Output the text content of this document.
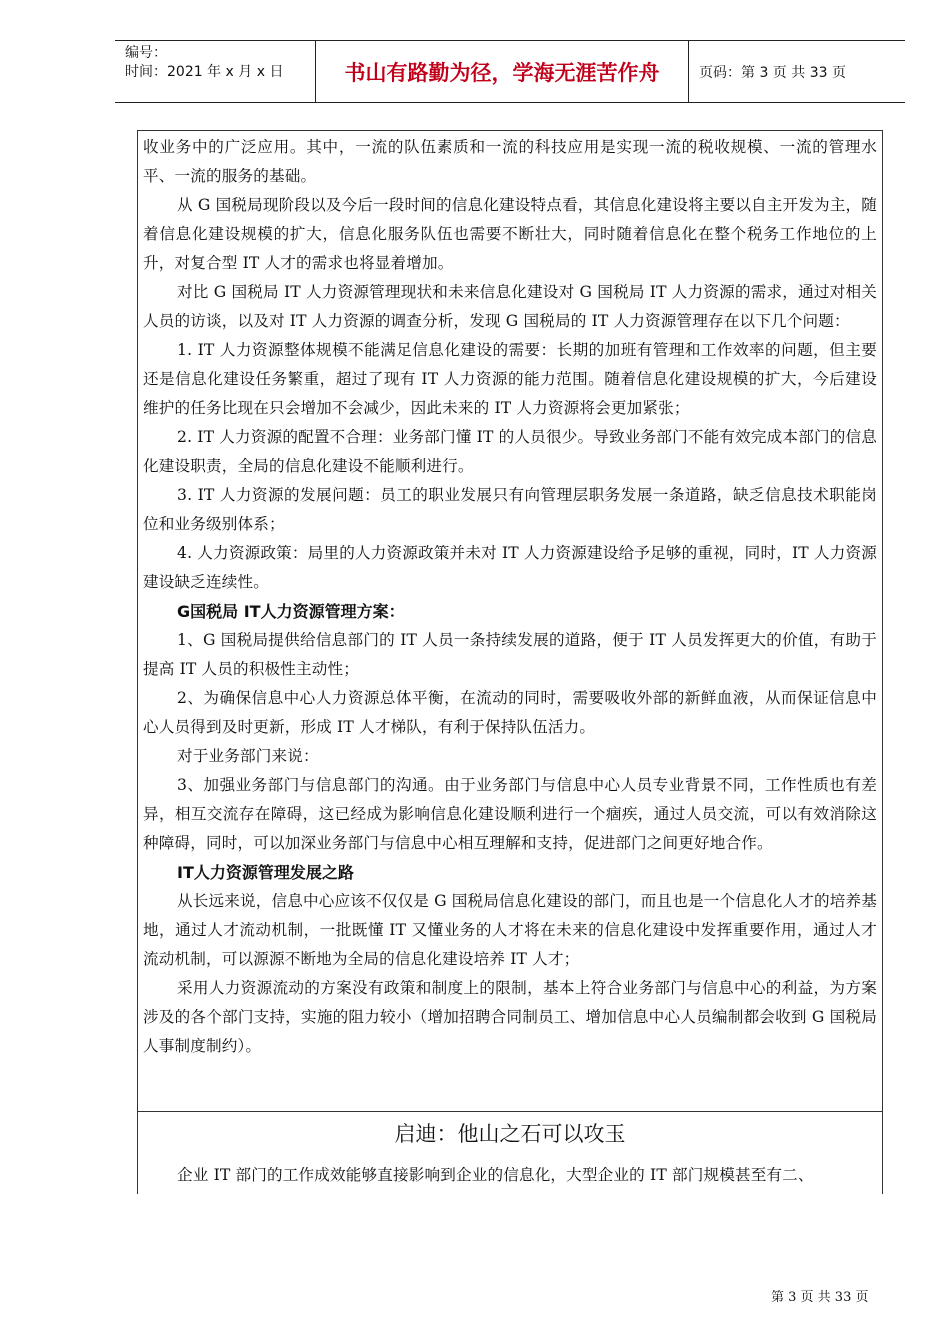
编号：
时间：2021 年 x 月 x 日	书山有路勤为径，学海无涯苦作舟	页码：第 3 页 共 33 页

收业务中的广泛应用。其中，一流的队伍素质和一流的科技应用是实现一流的税收规模、一流的管理水平、一流的服务的基础。

从 G 国税局现阶段以及今后一段时间的信息化建设特点看，其信息化建设将主要以自主开发为主，随着信息化建设规模的扩大，信息化服务队伍也需要不断壮大，同时随着信息化在整个税务工作地位的上升，对复合型 IT 人才的需求也将显着增加。

对比 G 国税局 IT 人力资源管理现状和未来信息化建设对 G 国税局 IT 人力资源的需求，通过对相关人员的访谈，以及对 IT 人力资源的调查分析，发现 G 国税局的 IT 人力资源管理存在以下几个问题：

1. IT 人力资源整体规模不能满足信息化建设的需要：长期的加班有管理和工作效率的问题，但主要还是信息化建设任务繁重，超过了现有 IT 人力资源的能力范围。随着信息化建设规模的扩大，今后建设维护的任务比现在只会增加不会减少，因此未来的 IT 人力资源将会更加紧张；

2. IT 人力资源的配置不合理：业务部门懂 IT 的人员很少。导致业务部门不能有效完成本部门的信息化建设职责，全局的信息化建设不能顺利进行。

3. IT 人力资源的发展问题：员工的职业发展只有向管理层职务发展一条道路，缺乏信息技术职能岗位和业务级别体系；

4. 人力资源政策：局里的人力资源政策并未对 IT 人力资源建设给予足够的重视，同时，IT 人力资源建设缺乏连续性。

G国税局 IT人力资源管理方案：

1、G 国税局提供给信息部门的 IT 人员一条持续发展的道路，便于 IT 人员发挥更大的价值，有助于提高 IT 人员的积极性主动性；

2、为确保信息中心人力资源总体平衡，在流动的同时，需要吸收外部的新鲜血液，从而保证信息中心人员得到及时更新，形成 IT 人才梯队，有利于保持队伍活力。

对于业务部门来说：

3、加强业务部门与信息部门的沟通。由于业务部门与信息中心人员专业背景不同，工作性质也有差异，相互交流存在障碍，这已经成为影响信息化建设顺利进行一个痼疾，通过人员交流，可以有效消除这种障碍，同时，可以加深业务部门与信息中心相互理解和支持，促进部门之间更好地合作。

IT人力资源管理发展之路

从长远来说，信息中心应该不仅仅是 G 国税局信息化建设的部门，而且也是一个信息化人才的培养基地，通过人才流动机制，一批既懂 IT 又懂业务的人才将在未来的信息化建设中发挥重要作用，通过人才流动机制，可以源源不断地为全局的信息化建设培养 IT 人才；

采用人力资源流动的方案没有政策和制度上的限制，基本上符合业务部门与信息中心的利益，为方案涉及的各个部门支持，实施的阻力较小（增加招聘合同制员工、增加信息中心人员编制都会收到 G 国税局人事制度制约）。

启迪：他山之石可以攻玉

企业 IT 部门的工作成效能够直接影响到企业的信息化，大型企业的 IT 部门规模甚至有二、

第 3 页 共 33 页
